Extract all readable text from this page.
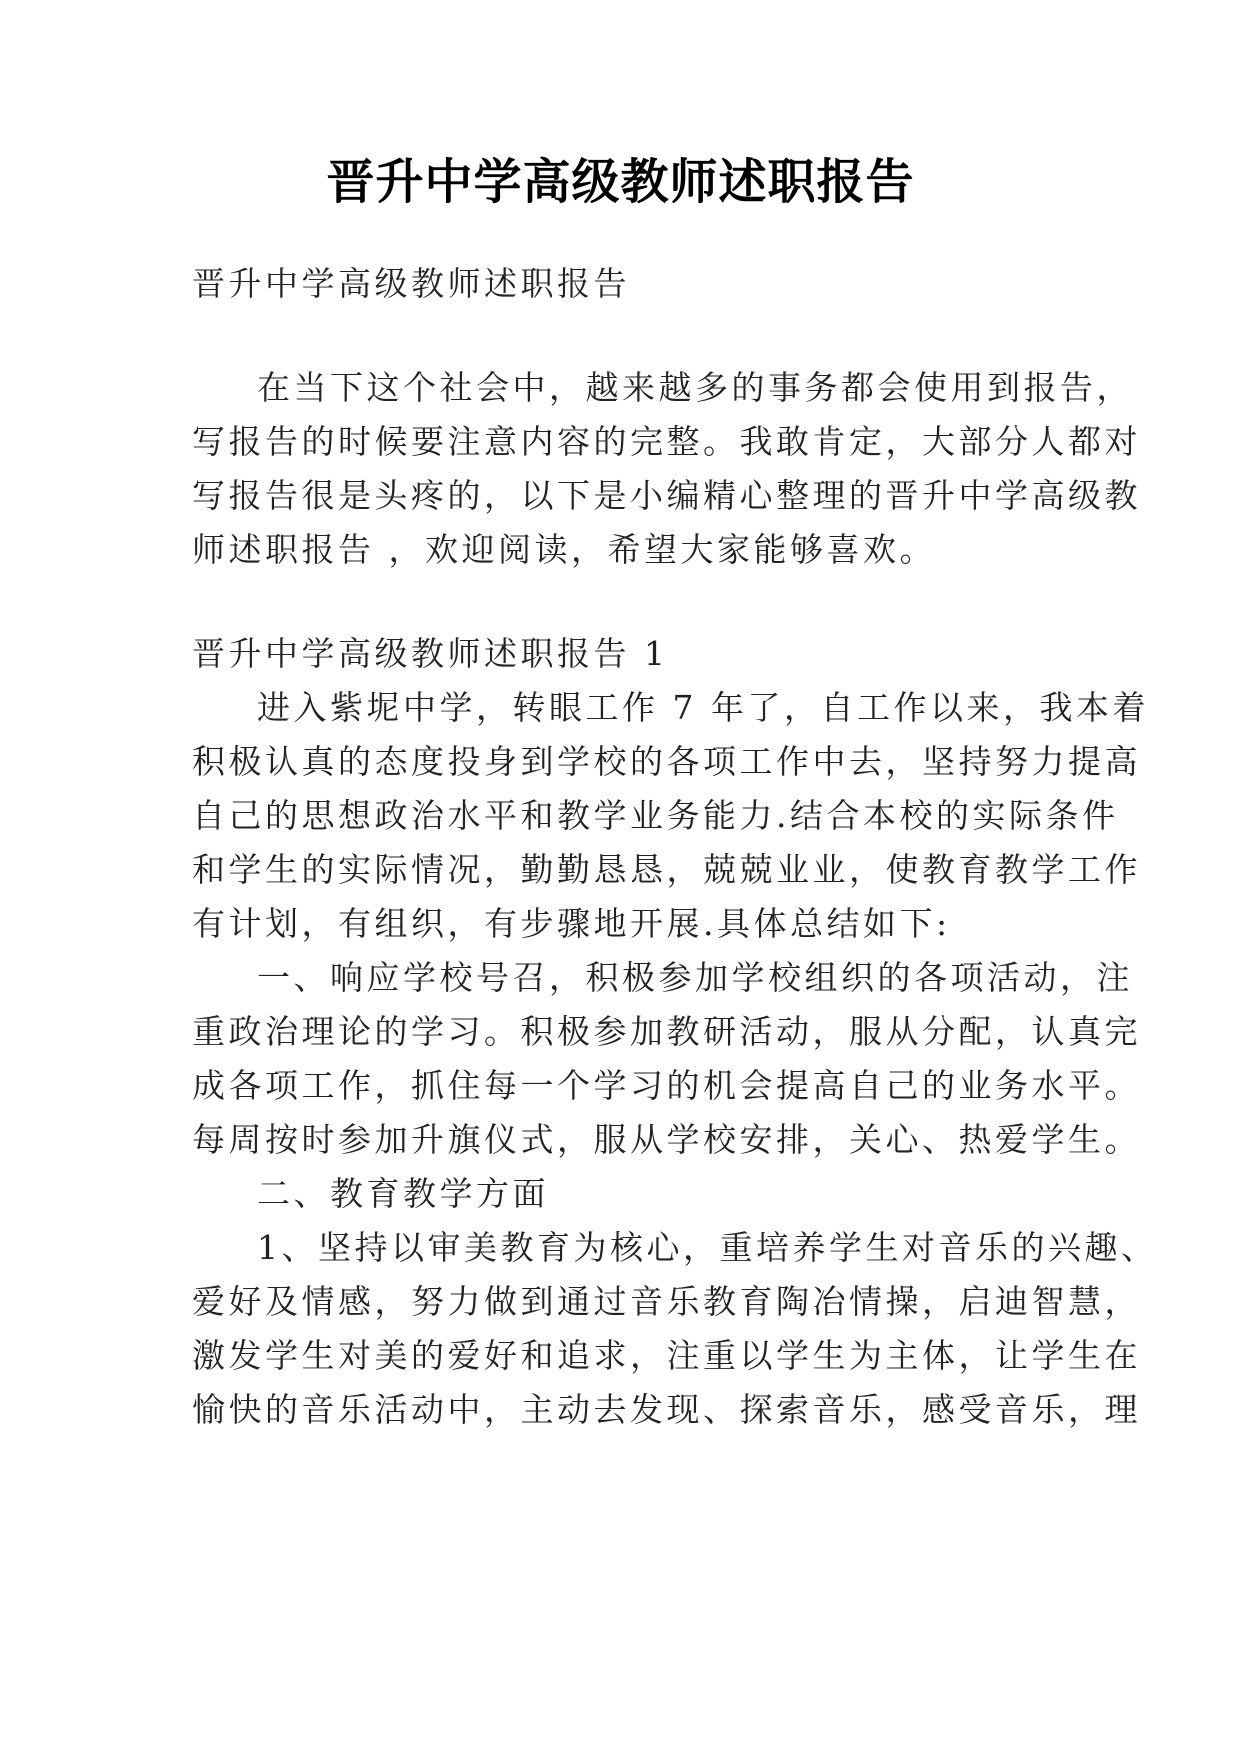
晋升中学高级教师述职报告
晋升中学高级教师述职报告
在当下这个社会中，越来越多的事务都会使用到报告，
写报告的时候要注意内容的完整。我敢肯定，大部分人都对
写报告很是头疼的，以下是小编精心整理的晋升中学高级教
师述职报告 ，欢迎阅读，希望大家能够喜欢。
晋升中学高级教师述职报告 1
进入紫坭中学，转眼工作 7 年了，自工作以来，我本着
积极认真的态度投身到学校的各项工作中去，坚持努力提高
自己的思想政治水平和教学业务能力.结合本校的实际条件
和学生的实际情况，勤勤恳恳，兢兢业业，使教育教学工作
有计划，有组织，有步骤地开展.具体总结如下:
一、响应学校号召，积极参加学校组织的各项活动，注
重政治理论的学习。积极参加教研活动，服从分配，认真完
成各项工作，抓住每一个学习的机会提高自己的业务水平。
每周按时参加升旗仪式，服从学校安排，关心、热爱学生。
二、教育教学方面
1、坚持以审美教育为核心，重培养学生对音乐的兴趣、
爱好及情感，努力做到通过音乐教育陶冶情操，启迪智慧，
激发学生对美的爱好和追求，注重以学生为主体，让学生在
愉快的音乐活动中，主动去发现、探索音乐，感受音乐，理
